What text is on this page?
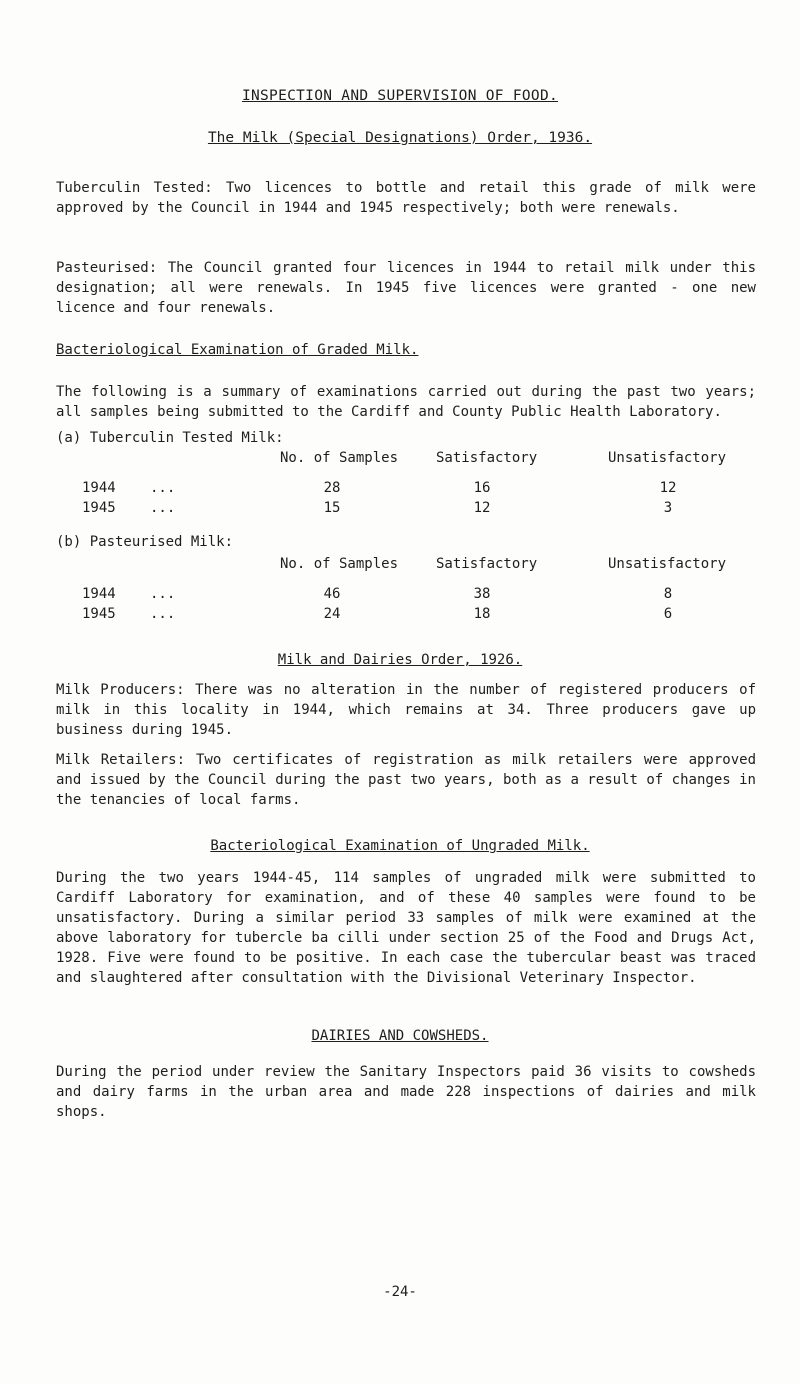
INSPECTION AND SUPERVISION OF FOOD.
The Milk (Special Designations) Order, 1936.

Tuberculin Tested: Two licences to bottle and retail this grade of milk were approved by the Council in 1944 and 1945 respectively; both were renewals.

Pasteurised: The Council granted four licences in 1944 to retail milk under this designation; all were renewals. In 1945 five licences were granted - one new licence and four renewals.

Bacteriological Examination of Graded Milk.

The following is a summary of examinations carried out during the past two years; all samples being submitted to the Cardiff and County Public Health Laboratory.

(a) Tuberculin Tested Milk:
No. of Samples	Satisfactory	Unsatisfactory
1944 ...	28	16	12
1945 ...	15	12	3
(b) Pasteurised Milk:
No. of Samples	Satisfactory	Unsatisfactory
1944 ...	46	38	8
1945 ...	24	18	6
Milk and Dairies Order, 1926.

Milk Producers: There was no alteration in the number of registered producers of milk in this locality in 1944, which remains at 34. Three producers gave up business during 1945.

Milk Retailers: Two certificates of registration as milk retailers were approved and issued by the Council during the past two years, both as a result of changes in the tenancies of local farms.

Bacteriological Examination of Ungraded Milk.

During the two years 1944-45, 114 samples of ungraded milk were submitted to Cardiff Laboratory for examination, and of these 40 samples were found to be unsatisfactory. During a similar period 33 samples of milk were examined at the above laboratory for tubercle ba cilli under section 25 of the Food and Drugs Act, 1928. Five were found to be positive. In each case the tubercular beast was traced and slaughtered after consultation with the Divisional Veterinary Inspector.

DAIRIES AND COWSHEDS.

During the period under review the Sanitary Inspectors paid 36 visits to cowsheds and dairy farms in the urban area and made 228 inspections of dairies and milk shops.

-24-
